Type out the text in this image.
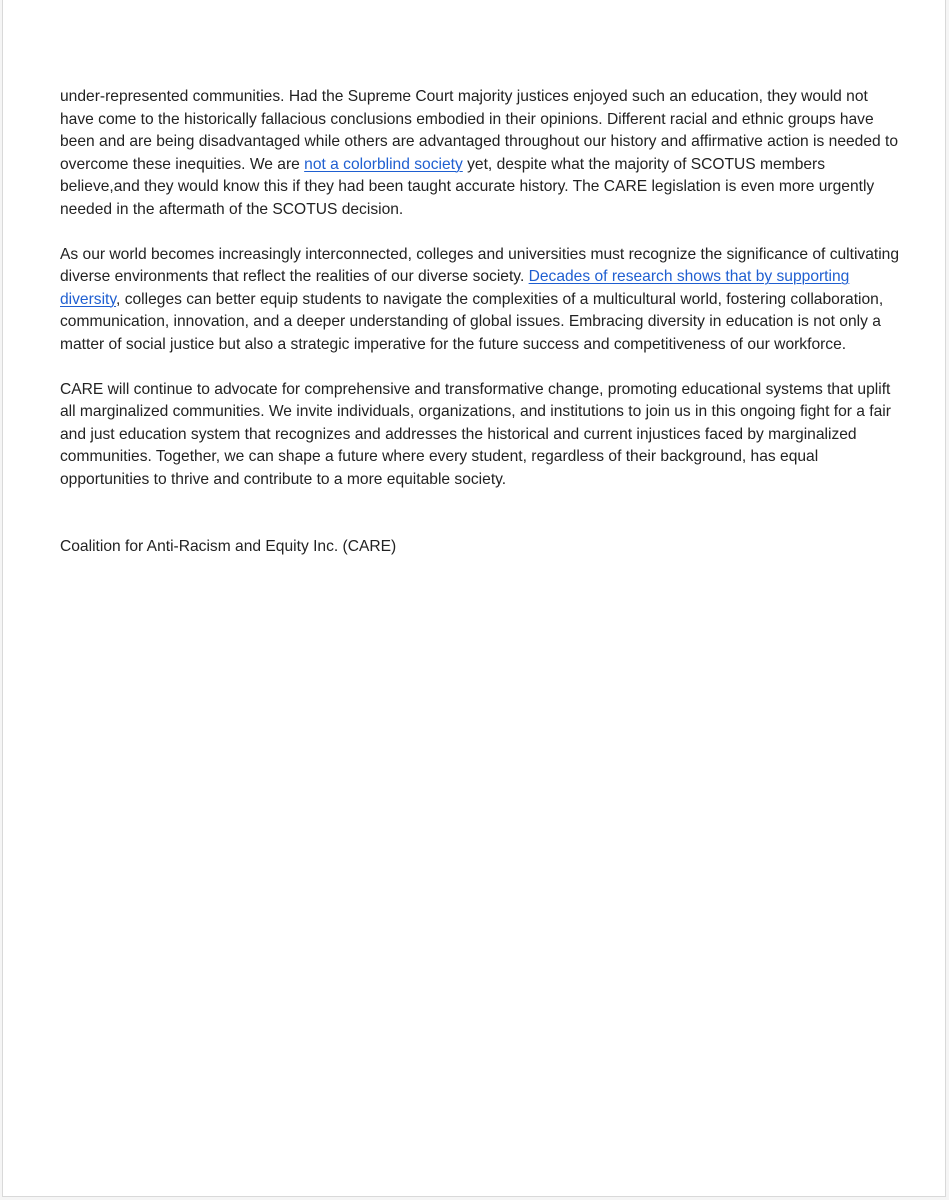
under-represented communities. Had the Supreme Court majority justices enjoyed such an education, they would not have come to the historically fallacious conclusions embodied in their opinions. Different racial and ethnic groups have been and are being disadvantaged while others are advantaged throughout our history and affirmative action is needed to overcome these inequities. We are not a colorblind society yet, despite what the majority of SCOTUS members believe,and they would know this if they had been taught accurate history. The CARE legislation is even more urgently needed in the aftermath of the SCOTUS decision.

As our world becomes increasingly interconnected, colleges and universities must recognize the significance of cultivating diverse environments that reflect the realities of our diverse society. Decades of research shows that by supporting diversity, colleges can better equip students to navigate the complexities of a multicultural world, fostering collaboration, communication, innovation, and a deeper understanding of global issues. Embracing diversity in education is not only a matter of social justice but also a strategic imperative for the future success and competitiveness of our workforce.

CARE will continue to advocate for comprehensive and transformative change, promoting educational systems that uplift all marginalized communities. We invite individuals, organizations, and institutions to join us in this ongoing fight for a fair and just education system that recognizes and addresses the historical and current injustices faced by marginalized communities. Together, we can shape a future where every student, regardless of their background, has equal opportunities to thrive and contribute to a more equitable society.

Coalition for Anti-Racism and Equity Inc. (CARE)
